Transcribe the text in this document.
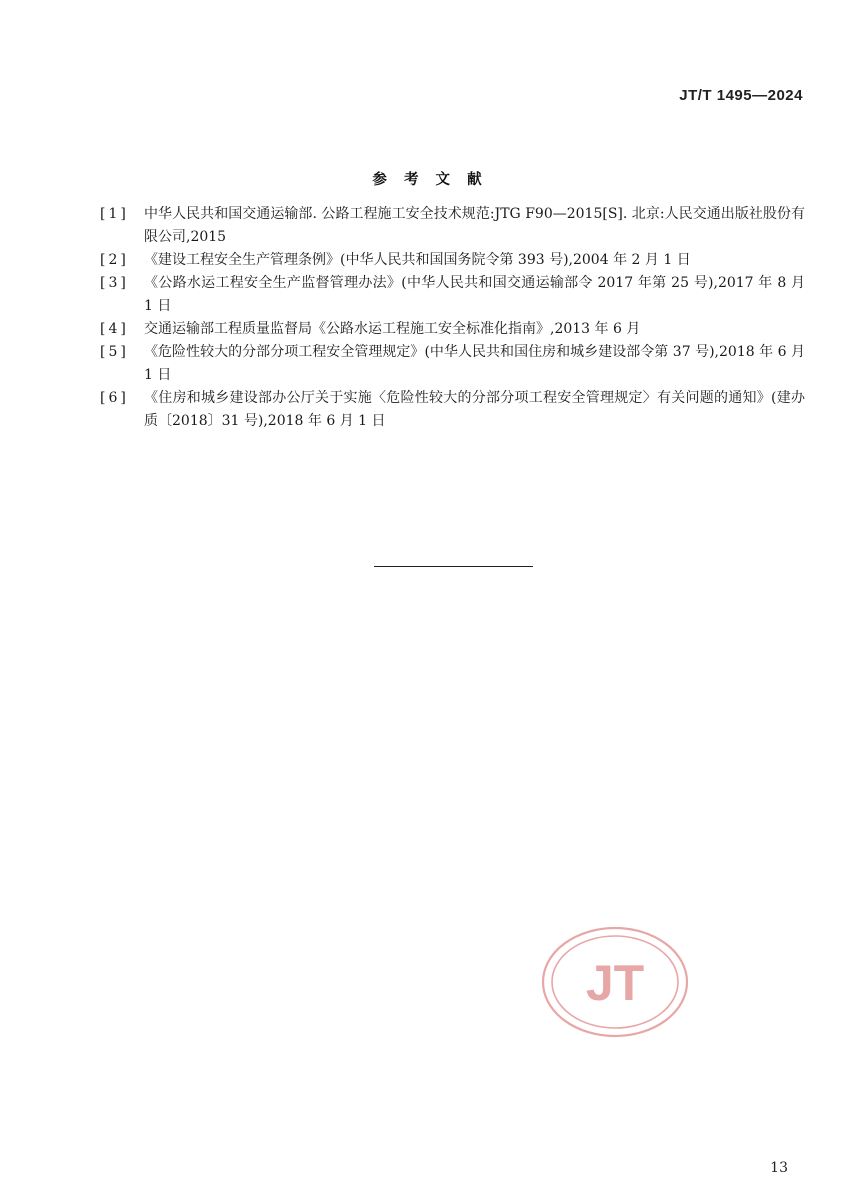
JT/T 1495—2024
参 考 文 献
[1]	中华人民共和国交通运输部. 公路工程施工安全技术规范:JTG F90—2015[S]. 北京:人民交通出版社股份有限公司,2015
[2]	《建设工程安全生产管理条例》(中华人民共和国国务院令第 393 号),2004 年 2 月 1 日
[3]	《公路水运工程安全生产监督管理办法》(中华人民共和国交通运输部令 2017 年第 25 号),2017 年 8 月 1 日
[4]	交通运输部工程质量监督局《公路水运工程施工安全标准化指南》,2013 年 6 月
[5]	《危险性较大的分部分项工程安全管理规定》(中华人民共和国住房和城乡建设部令第 37 号),2018 年 6 月 1 日
[6]	《住房和城乡建设部办公厅关于实施〈危险性较大的分部分项工程安全管理规定〉有关问题的通知》(建办质〔2018〕31 号),2018 年 6 月 1 日
JT
13
